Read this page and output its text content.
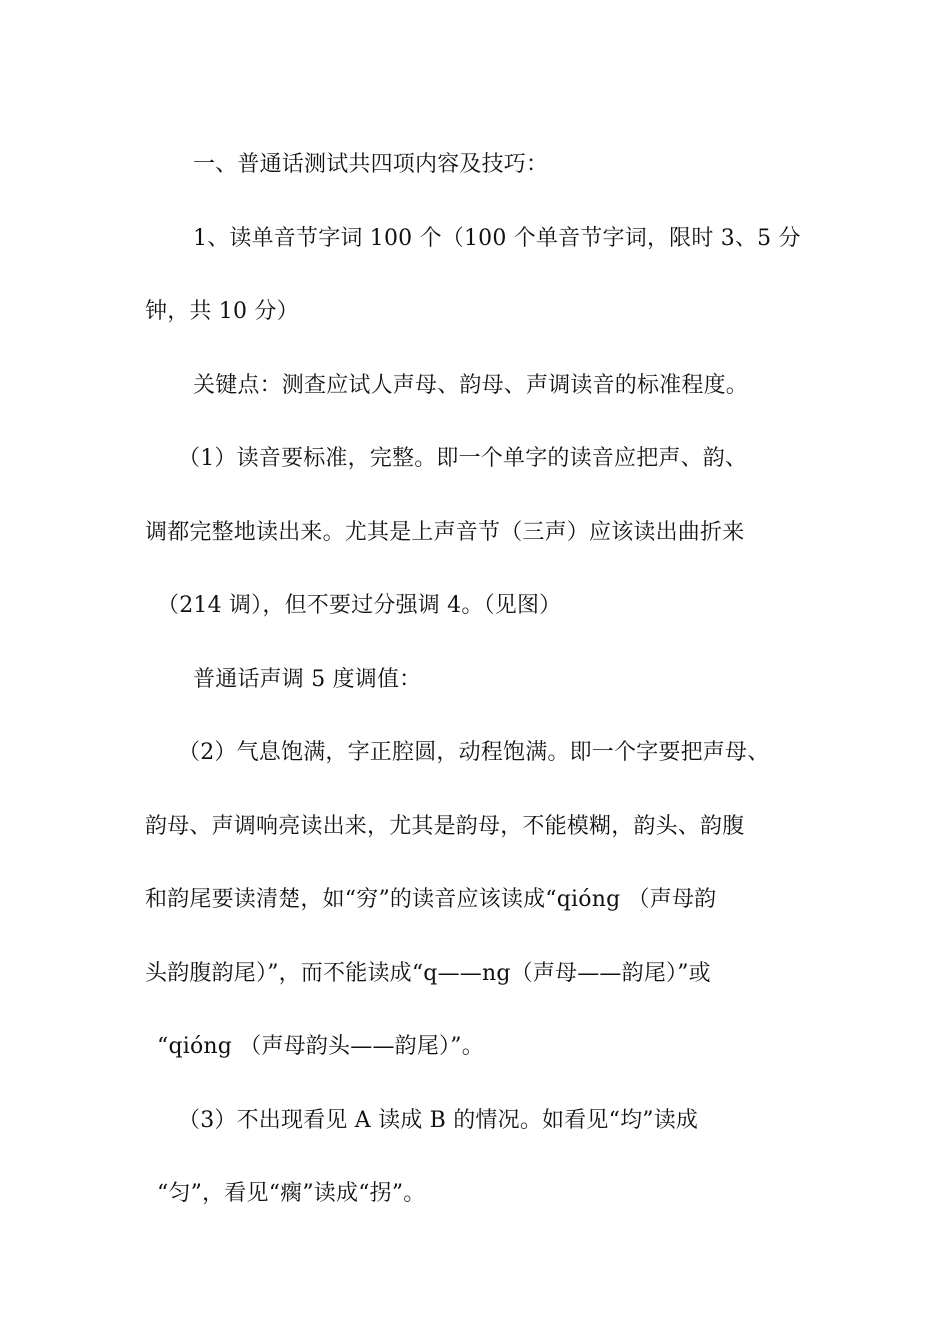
一、普通话测试共四项内容及技巧：

1、读单音节字词 100 个（100 个单音节字词，限时 3、5 分

钟，共 10 分）

关键点：测查应试人声母、韵母、声调读音的标准程度。

（1）读音要标准，完整。即一个单字的读音应把声、韵、

调都完整地读出来。尤其是上声音节（三声）应该读出曲折来

（214 调），但不要过分强调 4。（见图）

普通话声调 5 度调值：

（2）气息饱满，字正腔圆，动程饱满。即一个字要把声母、

韵母、声调响亮读出来，尤其是韵母，不能模糊，韵头、韵腹

和韵尾要读清楚，如“穷”的读音应该读成“qióng （声母韵

头韵腹韵尾）”，而不能读成“q——ng（声母——韵尾）”或

“qióng （声母韵头——韵尾）”。

（3）不出现看见 A 读成 B 的情况。如看见“均”读成

“匀”，看见“瘸”读成“拐”。
